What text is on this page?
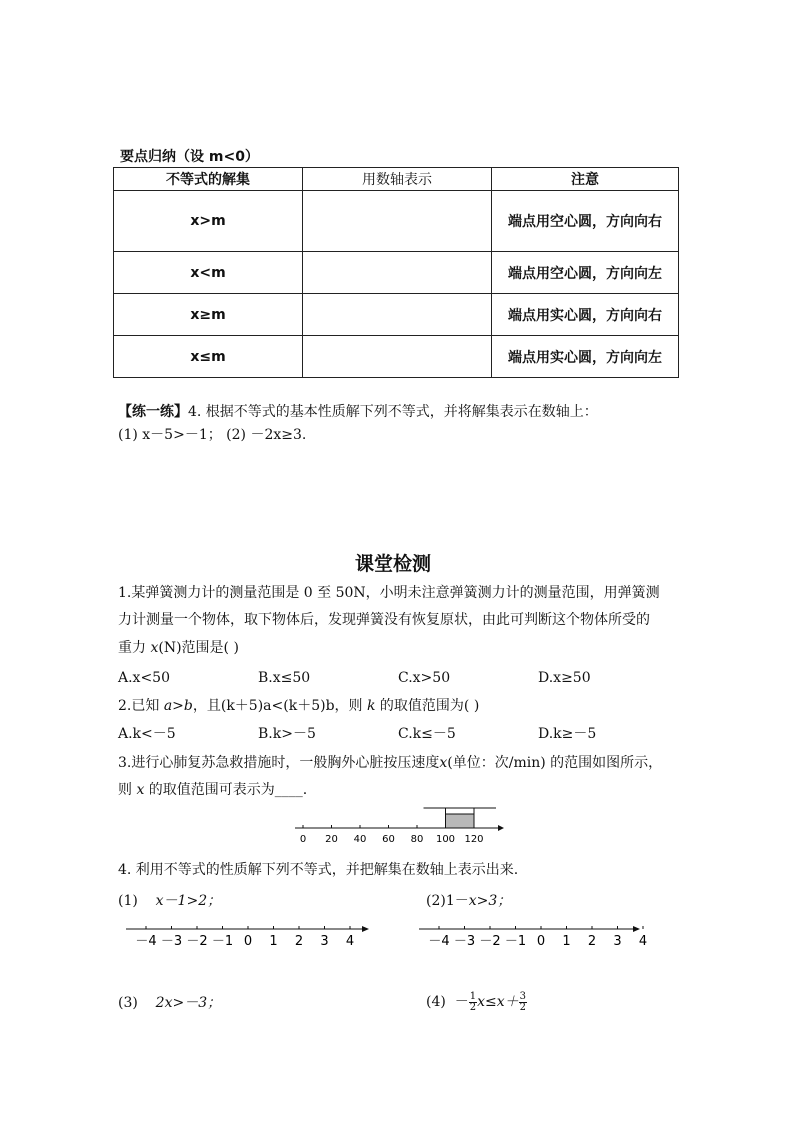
要点归纳（设 m<0）
不等式的解集	用数轴表示	注意
x>m		端点用空心圆，方向向右
x<m		端点用空心圆，方向向左
x≥m		端点用实心圆，方向向右
x≤m		端点用实心圆，方向向左
【练一练】4. 根据不等式的基本性质解下列不等式，并将解集表示在数轴上：
(1) x－5>－1； (2) －2x≥3.
课堂检测
1.某弹簧测力计的测量范围是 0 至 50N，小明未注意弹簧测力计的测量范围，用弹簧测
力计测量一个物体，取下物体后，发现弹簧没有恢复原状，由此可判断这个物体所受的
重力 x(N)范围是( )
A.x<50	B.x≤50	C.x>50	D.x≥50
2.已知 a>b，且(k＋5)a<(k＋5)b，则 k 的取值范围为( )
A.k<－5	B.k>－5	C.k≤－5	D.k≥－5
3.进行心肺复苏急救措施时，一般胸外心脏按压速度x(单位：次/min) 的范围如图所示，
则 x 的取值范围可表示为____.
0 20 40 60 80 100 120
4. 利用不等式的性质解下列不等式，并把解集在数轴上表示出来.
(1) x－1>2；	(2)1－x>3；
－4 －3 －2 －1 0 1 2 3 4	－4 －3 －2 －1 0 1 2 3 4
(3) 2x>－3；	$(4) - \frac{1}{2} x\le x+ \frac{3}{2}$
